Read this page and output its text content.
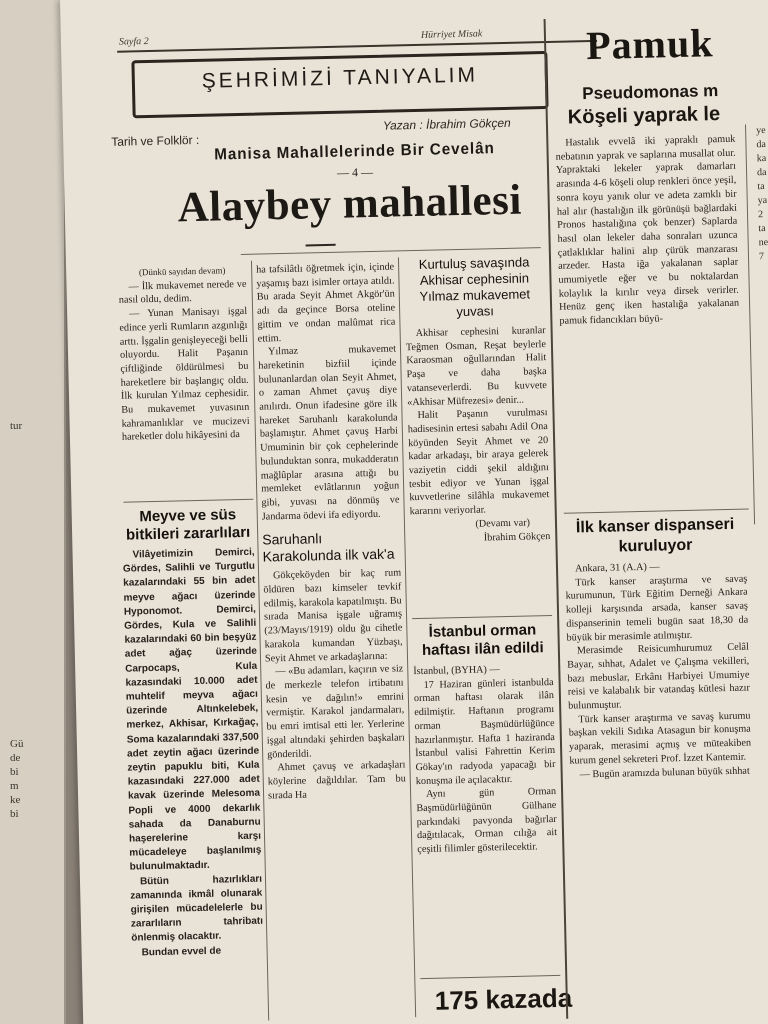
tur
Gü
de
bi
m
ke
bi
Sayfa 2
Hürriyet Misak
ŞEHRİMİZİ TANIYALIM
Tarih ve Folklör :
Yazan : İbrahim Gökçen
Manisa Mahallelerinde Bir Cevelân
— 4 —
Alaybey mahallesi

(Dünkü sayıdan devam)

— İlk mukavemet nerede ve nasıl oldu, dedim.

— Yunan Manisayı işgal edince yerli Rumların azgınlığı arttı. İşgalin genişleyeceği belli oluyordu. Halit Paşanın çiftliğinde öldürülmesi bu hareketlere bir başlangıç oldu. İlk kurulan Yılmaz cephesidir. Bu mukavemet yuvasının kahramanlıklar ve mucizevi hareketler dolu hikâyesini da

Meyve ve süs bitkileri zararlıları

Vilâyetimizin Demirci, Gördes, Salihli ve Turgutlu kazalarındaki 55 bin adet meyve ağacı üzerinde Hyponomot. Demirci, Gördes, Kula ve Salihli kazalarındaki 60 bin beşyüz adet ağaç üzerinde Carpocaps, Kula kazasındaki 10.000 adet muhtelif meyva ağacı üzerinde Altınkelebek, merkez, Akhisar, Kırkağaç, Soma kazalarındaki 337,500 adet zeytin ağacı üzerinde zeytin papuklu biti, Kula kazasındaki 227.000 adet kavak üzerinde Melesoma Popli ve 4000 dekarlık sahada da Danaburnu haşerelerine karşı mücadeleye başlanılmış bulunulmaktadır.

Bütün hazırlıkları zamanında ikmâl olunarak girişilen mücadelelerle bu zararlıların tahribatı önlenmiş olacaktır.

Bundan evvel de

ha tafsilâtlı öğretmek için, içinde yaşamış bazı isimler ortaya atıldı. Bu arada Seyit Ahmet Akgör'ün adı da geçince Borsa oteline gittim ve ondan malûmat rica ettim.

Yılmaz mukavemet hareketinin bizfiil içinde bulunanlardan olan Seyit Ahmet, o zaman Ahmet çavuş diye anılırdı. Onun ifadesine göre ilk hareket Saruhanlı karakolunda başlamıştır. Ahmet çavuş Harbi Umuminin bir çok cephelerinde bulunduktan sonra, mukadderatın mağlûplar arasına attığı bu memleket evlâtlarının yoğun gibi, yuvası na dönmüş ve Jandarma ödevi ifa ediyordu.

Saruhanlı Karakolunda ilk vak'a

Gökçeköyden bir kaç rum öldüren bazı kimseler tevkif edilmiş, karakola kapatılmıştı. Bu sırada Manisa işgale uğramış (23/Mayıs/1919) oldu ğu cihetle karakola kumandan Yüzbaşı, Seyit Ahmet ve arkadaşlarına:

— «Bu adamları, kaçırın ve siz de merkezle telefon irtibatını kesin ve dağılın!» emrini vermiştir. Karakol jandarmaları, bu emri imtisal etti ler. Yerlerine işgal altındaki şehirden başkaları gönderildi.

Ahmet çavuş ve arkadaşları köylerine dağıldılar. Tam bu sırada Ha

Kurtuluş savaşında Akhisar cephesinin Yılmaz mukavemet yuvası

Akhisar cephesini kuranlar Teğmen Osman, Reşat beylerle Karaosman oğullarından Halit Paşa ve daha başka vatanseverlerdi. Bu kuvvete «Akhisar Müfrezesi» denir...

Halit Paşanın vurulması hadisesinin ertesi sabahı Adil Ona köyünden Seyit Ahmet ve 20 kadar arkadaşı, bir araya gelerek vaziyetin ciddi şekil aldığını tesbit ediyor ve Yunan işgal kuvvetlerine silâhla mukavemet kararını veriyorlar.

(Devamı var)
İbrahim Gökçen
İstanbul orman haftası ilân edildi

İstanbul, (BYHA) —

17 Haziran günleri istanbulda orman haftası olarak ilân edilmiştir. Haftanın programı orman Başmüdürlüğünce hazırlanmıştır. Hafta 1 haziranda İstanbul valisi Fahrettin Kerim Gökay'ın radyoda yapacağı bir konuşma ile açılacaktır.

Aynı gün Orman Başmüdürlüğünün Gülhane parkındaki pavyonda bağırlar dağıtılacak, Orman cılığa ait çeşitli filimler gösterilecektir.

175 kazada
Pamuk
Pseudomonas m
Köşeli yaprak le

Hastalık evvelâ iki yapraklı pamuk nebatının yaprak ve saplarına musallat olur. Yapraktaki lekeler yaprak damarları arasında 4-6 köşeli olup renkleri önce yeşil, sonra koyu yanık olur ve adeta zamklı bir hal alır (hastalığın ilk görünüşü bağlardaki Pronos hastalığına çok benzer) Saplarda hasıl olan lekeler daha sonraları uzunca çatlaklıklar halini alıp çürük manzarası arzeder. Hasta iğa yakalanan saplar umumiyetle eğer ve bu noktalardan kolaylık la kırılır veya dirsek verirler. Henüz genç iken hastalığa yakalanan pamuk fidancıkları büyü-

İlk kanser dispanseri kuruluyor

Ankara, 31 (A.A) —

Türk kanser araştırma ve savaş kurumunun, Türk Eğitim Derneği Ankara kolleji karşısında arsada, kanser savaş dispanserinin temeli bugün saat 18,30 da büyük bir merasimle atılmıştır.

Merasimde Reisicumhurumuz Celâl Bayar, sıhhat, Adalet ve Çalışma vekilleri, bazı mebuslar, Erkânı Harbiyei Umumiye reisi ve kalabalık bir vatandaş kütlesi hazır bulunmuştur.

Türk kanser araştırma ve savaş kurumu başkan vekili Sıdıka Atasagun bir konuşma yaparak, merasimi açmış ve müteakiben kurum genel sekreteri Prof. İzzet Kantemir.

— Bugün aramızda bulunan büyük sıhhat

ye
da
ka
da
ta
ya
2
ta
ne
7
